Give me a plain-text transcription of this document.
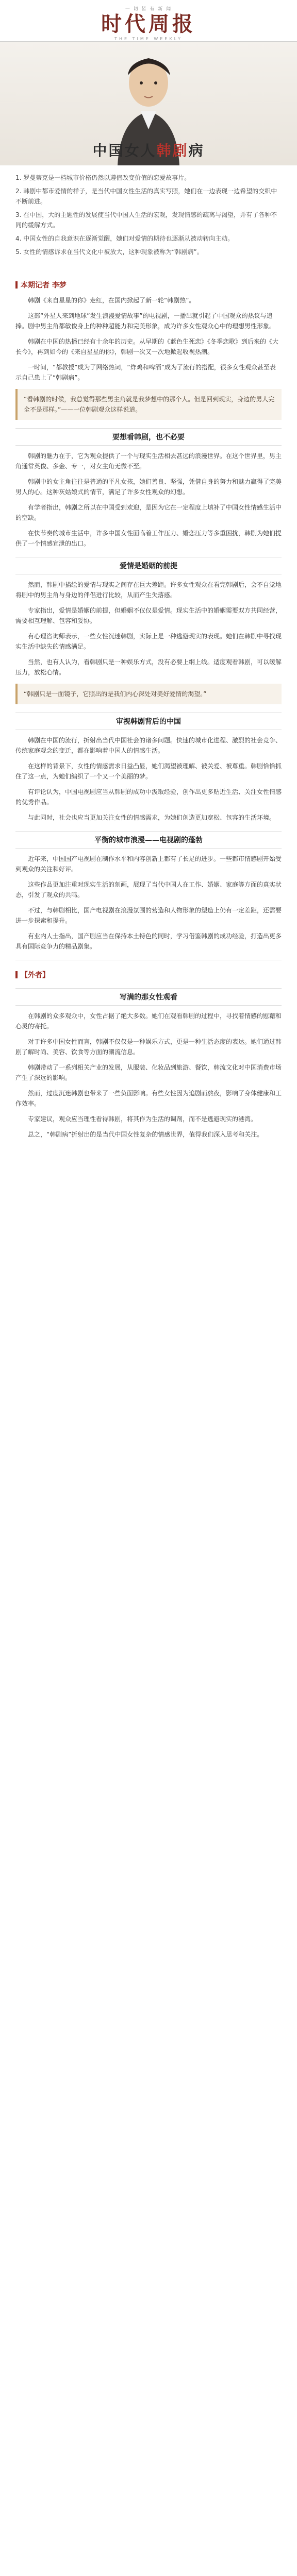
一 切 皆 有 新 闻
时代周报
THE TIME WEEKLY
中国女人韩剧病

1. 罗曼蒂克是一档城市价格仍然以遵值改变价值的恋爱故事片。

2. 韩剧中都市爱情的样子，是当代中国女性生活的真实写照，她们在一边表现一边希望的交织中不断前进。

3. 在中国，大的主题性的发展使当代中国人生活的宏观，发现情感的疏离与渴望，并有了各种不同的缓解方式。

4. 中国女性的自我意识在逐渐觉醒，她们对爱情的期待也逐渐从被动转向主动。

5. 女性的情感诉求在当代文化中被放大，这种现象被称为“韩剧病”。

本期记者 李梦

韩剧《来自星星的你》走红，在国内掀起了新一轮“韩剧热”。

这部“外星人来到地球”发生浪漫爱情故事”的电视剧，一播出就引起了中国观众的热议与追捧。剧中男主角都敏俊身上的种种超能力和完美形象，成为许多女性观众心中的理想男性形象。

韩剧在中国的热播已经有十余年的历史。从早期的《蓝色生死恋》《冬季恋歌》到后来的《大长今》，再到如今的《来自星星的你》，韩剧一次又一次地掀起收视热潮。

一时间，“都教授”成为了网络热词，“炸鸡和啤酒”成为了流行的搭配，很多女性观众甚至表示自己患上了“韩剧病”。

“看韩剧的时候，我总觉得那些男主角就是我梦想中的那个人。但是回到现实，身边的男人完全不是那样。”——一位韩剧观众这样说道。
要想看韩剧，也不必要

韩剧的魅力在于，它为观众提供了一个与现实生活相去甚远的浪漫世界。在这个世界里，男主角通常英俊、多金、专一，对女主角无微不至。

韩剧中的女主角往往是普通的平凡女孩，她们善良、坚强，凭借自身的努力和魅力赢得了完美男人的心。这种灰姑娘式的情节，满足了许多女性观众的幻想。

有学者指出，韩剧之所以在中国受到欢迎，是因为它在一定程度上填补了中国女性情感生活中的空缺。

在快节奏的城市生活中，许多中国女性面临着工作压力、婚恋压力等多重困扰，韩剧为她们提供了一个情感宣泄的出口。

爱情是婚姻的前提

然而，韩剧中描绘的爱情与现实之间存在巨大差距。许多女性观众在看完韩剧后，会不自觉地将剧中的男主角与身边的伴侣进行比较，从而产生失落感。

专家指出，爱情是婚姻的前提，但婚姻不仅仅是爱情。现实生活中的婚姻需要双方共同经营，需要相互理解、包容和妥协。

有心理咨询师表示，一些女性沉迷韩剧，实际上是一种逃避现实的表现。她们在韩剧中寻找现实生活中缺失的情感满足。

当然，也有人认为，看韩剧只是一种娱乐方式，没有必要上纲上线。适度观看韩剧，可以缓解压力，放松心情。

“韩剧只是一面镜子，它照出的是我们内心深处对美好爱情的渴望。”
审视韩剧背后的中国

韩剧在中国的流行，折射出当代中国社会的诸多问题。快速的城市化进程、激烈的社会竞争、传统家庭观念的变迁，都在影响着中国人的情感生活。

在这样的背景下，女性的情感需求日益凸显，她们渴望被理解、被关爱、被尊重。韩剧恰恰抓住了这一点，为她们编织了一个又一个美丽的梦。

有评论认为，中国电视剧应当从韩剧的成功中汲取经验，创作出更多贴近生活、关注女性情感的优秀作品。

与此同时，社会也应当更加关注女性的情感需求，为她们创造更加宽松、包容的生活环境。

平衡的城市浪漫——电视剧的蓬勃

近年来，中国国产电视剧在制作水平和内容创新上都有了长足的进步。一些都市情感剧开始受到观众的关注和好评。

这些作品更加注重对现实生活的刻画，展现了当代中国人在工作、婚姻、家庭等方面的真实状态，引发了观众的共鸣。

不过，与韩剧相比，国产电视剧在浪漫氛围的营造和人物形象的塑造上仍有一定差距，还需要进一步探索和提升。

有业内人士指出，国产剧应当在保持本土特色的同时，学习借鉴韩剧的成功经验，打造出更多具有国际竞争力的精品剧集。

【外者】
写满的那女性观看

在韩剧的众多观众中，女性占据了绝大多数。她们在观看韩剧的过程中，寻找着情感的慰藉和心灵的寄托。

对于许多中国女性而言，韩剧不仅仅是一种娱乐方式，更是一种生活态度的表达。她们通过韩剧了解时尚、美容、饮食等方面的潮流信息。

韩剧带动了一系列相关产业的发展，从服装、化妆品到旅游、餐饮，韩流文化对中国消费市场产生了深远的影响。

然而，过度沉迷韩剧也带来了一些负面影响。有些女性因为追剧而熬夜，影响了身体健康和工作效率。

专家建议，观众应当理性看待韩剧，将其作为生活的调剂，而不是逃避现实的港湾。

总之，“韩剧病”折射出的是当代中国女性复杂的情感世界，值得我们深入思考和关注。
